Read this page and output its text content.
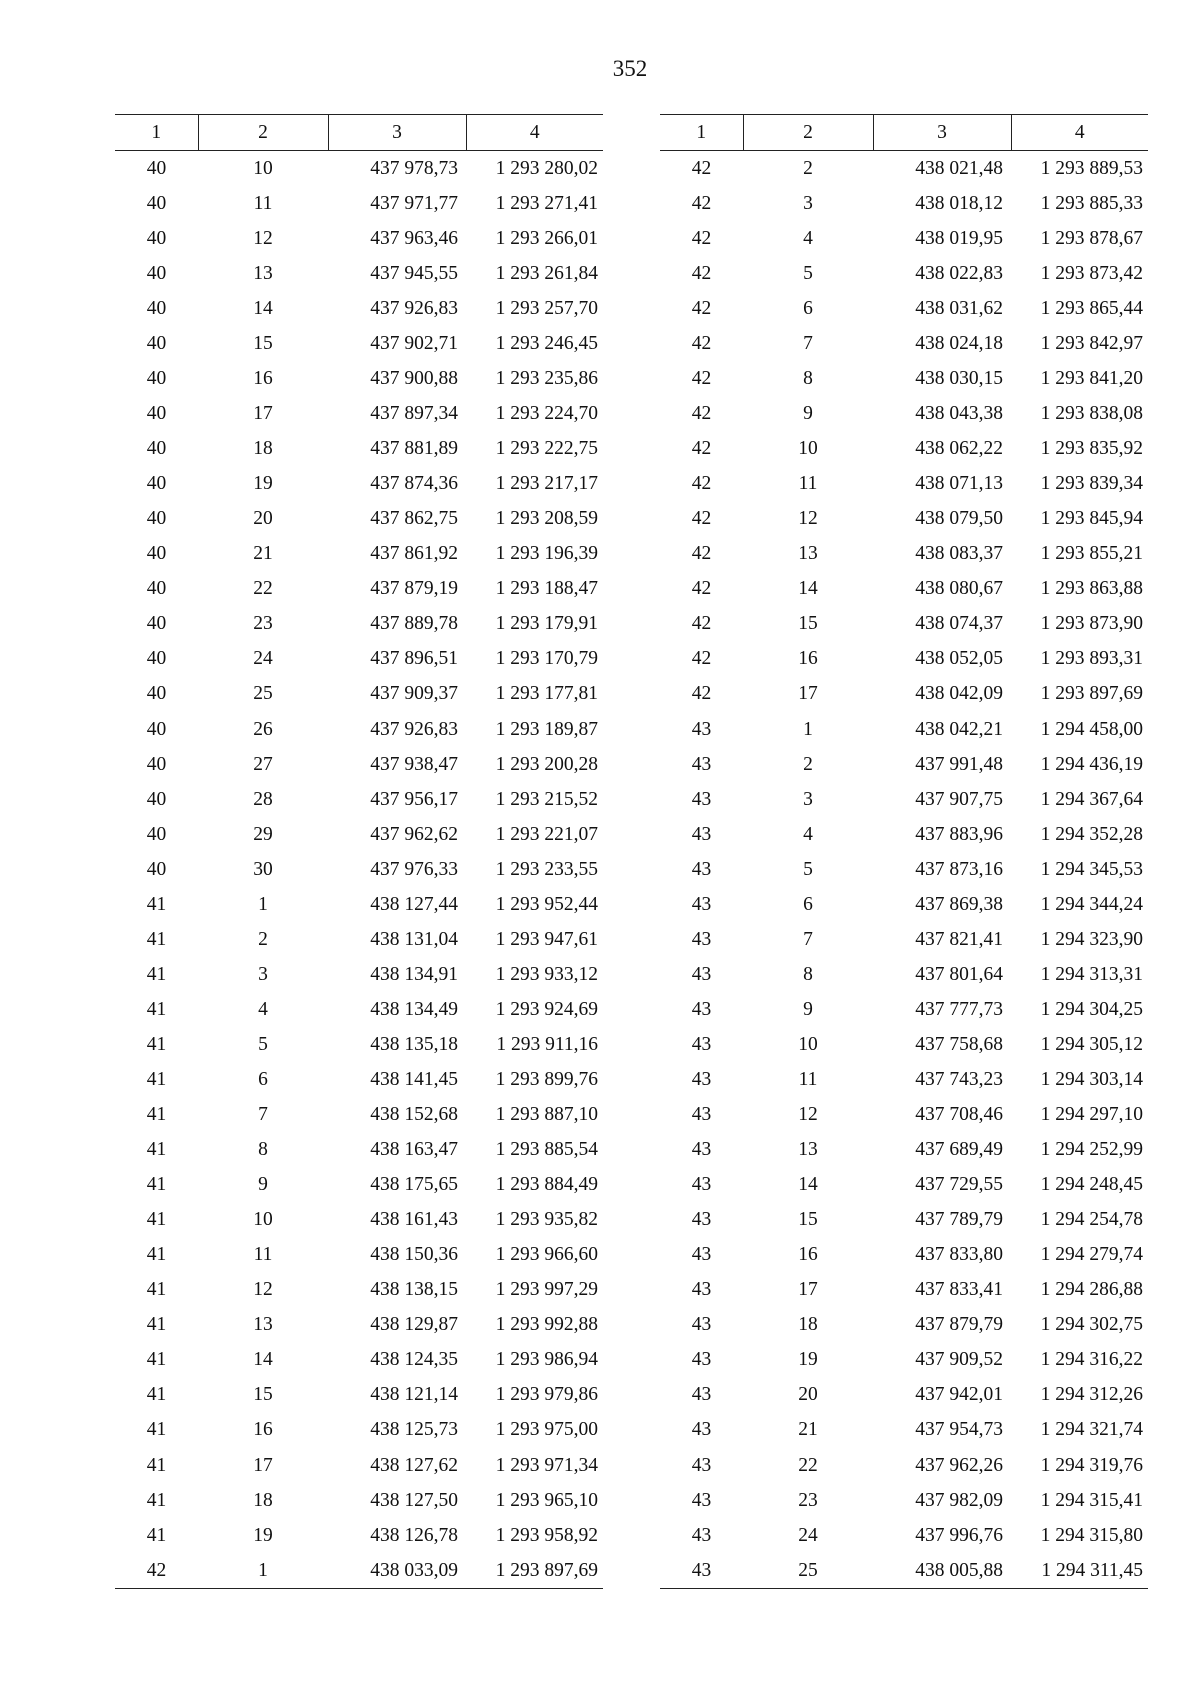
352
1	2	3	4
40	10	437 978,73	1 293 280,02
40	11	437 971,77	1 293 271,41
40	12	437 963,46	1 293 266,01
40	13	437 945,55	1 293 261,84
40	14	437 926,83	1 293 257,70
40	15	437 902,71	1 293 246,45
40	16	437 900,88	1 293 235,86
40	17	437 897,34	1 293 224,70
40	18	437 881,89	1 293 222,75
40	19	437 874,36	1 293 217,17
40	20	437 862,75	1 293 208,59
40	21	437 861,92	1 293 196,39
40	22	437 879,19	1 293 188,47
40	23	437 889,78	1 293 179,91
40	24	437 896,51	1 293 170,79
40	25	437 909,37	1 293 177,81
40	26	437 926,83	1 293 189,87
40	27	437 938,47	1 293 200,28
40	28	437 956,17	1 293 215,52
40	29	437 962,62	1 293 221,07
40	30	437 976,33	1 293 233,55
41	1	438 127,44	1 293 952,44
41	2	438 131,04	1 293 947,61
41	3	438 134,91	1 293 933,12
41	4	438 134,49	1 293 924,69
41	5	438 135,18	1 293 911,16
41	6	438 141,45	1 293 899,76
41	7	438 152,68	1 293 887,10
41	8	438 163,47	1 293 885,54
41	9	438 175,65	1 293 884,49
41	10	438 161,43	1 293 935,82
41	11	438 150,36	1 293 966,60
41	12	438 138,15	1 293 997,29
41	13	438 129,87	1 293 992,88
41	14	438 124,35	1 293 986,94
41	15	438 121,14	1 293 979,86
41	16	438 125,73	1 293 975,00
41	17	438 127,62	1 293 971,34
41	18	438 127,50	1 293 965,10
41	19	438 126,78	1 293 958,92
42	1	438 033,09	1 293 897,69
1	2	3	4
42	2	438 021,48	1 293 889,53
42	3	438 018,12	1 293 885,33
42	4	438 019,95	1 293 878,67
42	5	438 022,83	1 293 873,42
42	6	438 031,62	1 293 865,44
42	7	438 024,18	1 293 842,97
42	8	438 030,15	1 293 841,20
42	9	438 043,38	1 293 838,08
42	10	438 062,22	1 293 835,92
42	11	438 071,13	1 293 839,34
42	12	438 079,50	1 293 845,94
42	13	438 083,37	1 293 855,21
42	14	438 080,67	1 293 863,88
42	15	438 074,37	1 293 873,90
42	16	438 052,05	1 293 893,31
42	17	438 042,09	1 293 897,69
43	1	438 042,21	1 294 458,00
43	2	437 991,48	1 294 436,19
43	3	437 907,75	1 294 367,64
43	4	437 883,96	1 294 352,28
43	5	437 873,16	1 294 345,53
43	6	437 869,38	1 294 344,24
43	7	437 821,41	1 294 323,90
43	8	437 801,64	1 294 313,31
43	9	437 777,73	1 294 304,25
43	10	437 758,68	1 294 305,12
43	11	437 743,23	1 294 303,14
43	12	437 708,46	1 294 297,10
43	13	437 689,49	1 294 252,99
43	14	437 729,55	1 294 248,45
43	15	437 789,79	1 294 254,78
43	16	437 833,80	1 294 279,74
43	17	437 833,41	1 294 286,88
43	18	437 879,79	1 294 302,75
43	19	437 909,52	1 294 316,22
43	20	437 942,01	1 294 312,26
43	21	437 954,73	1 294 321,74
43	22	437 962,26	1 294 319,76
43	23	437 982,09	1 294 315,41
43	24	437 996,76	1 294 315,80
43	25	438 005,88	1 294 311,45
